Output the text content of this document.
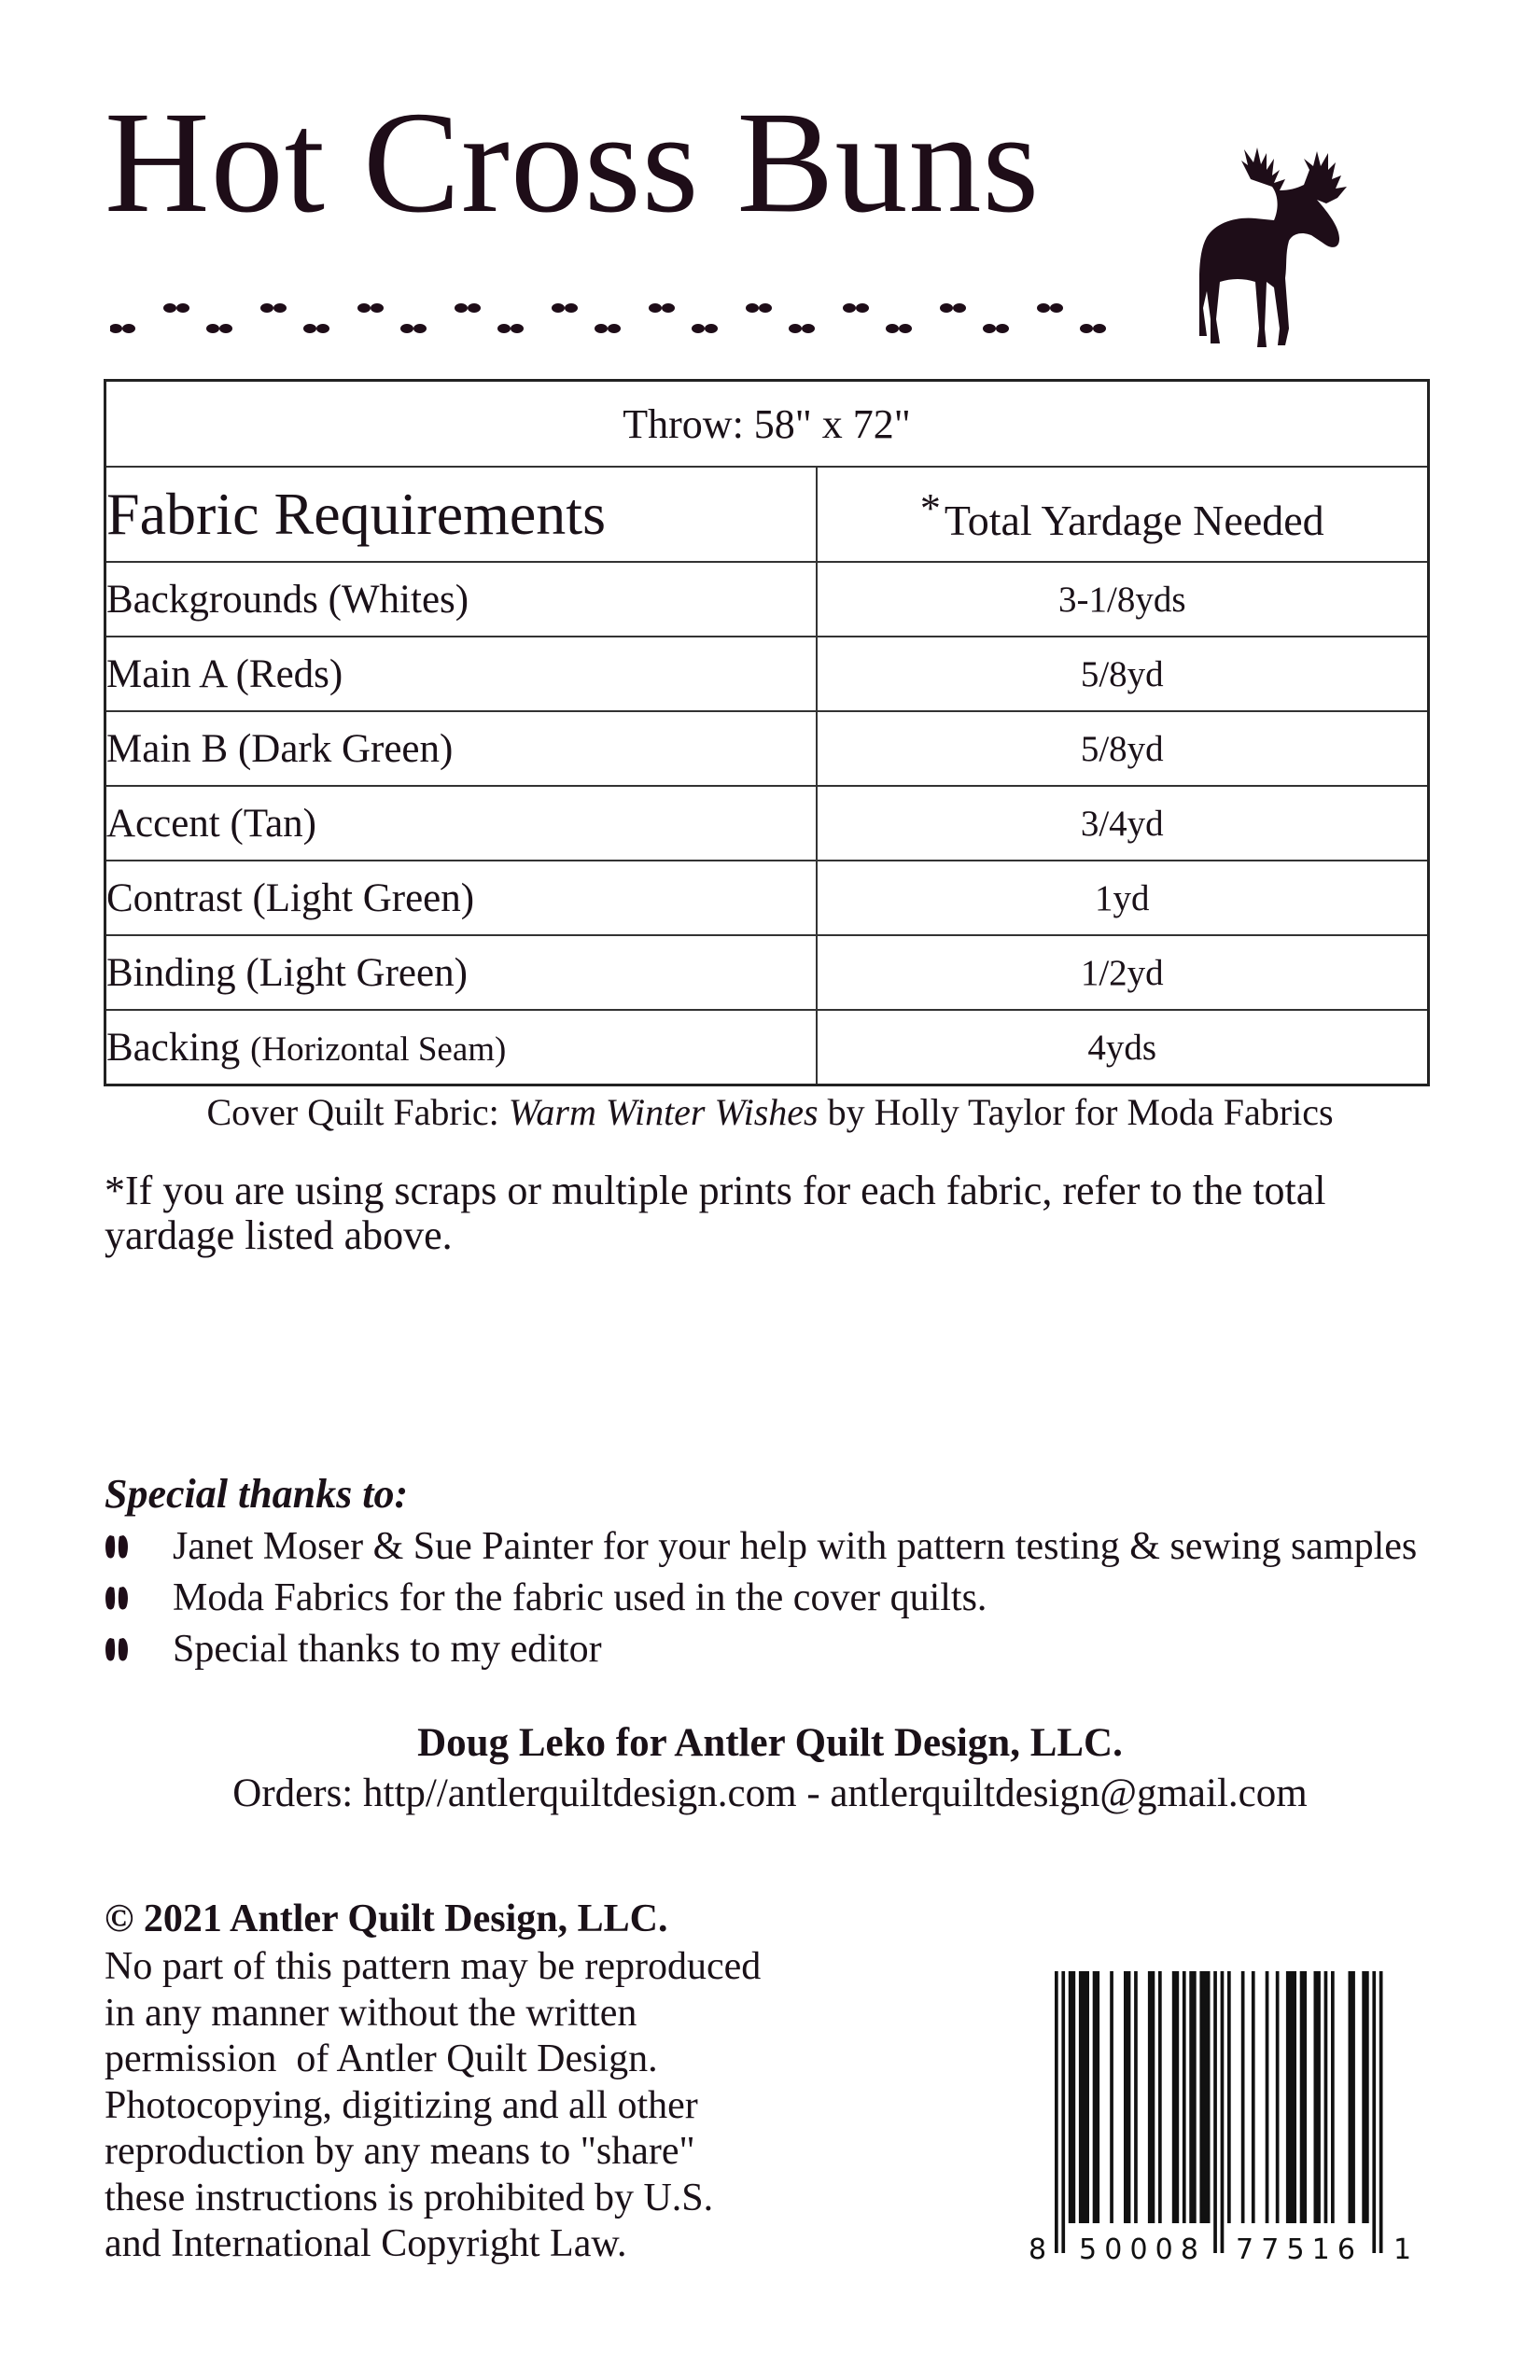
Hot Cross Buns
Throw: 58" x 72"	
Fabric Requirements	*Total Yardage Needed
Backgrounds (Whites)	3-1/8yds
Main A (Reds)	5/8yd
Main B (Dark Green)	5/8yd
Accent (Tan)	3/4yd
Contrast (Light Green)	1yd
Binding (Light Green)	1/2yd
Backing (Horizontal Seam)	4yds
Cover Quilt Fabric: Warm Winter Wishes by Holly Taylor for Moda Fabrics
*If you are using scraps or multiple prints for each fabric, refer to the total yardage listed above.
Special thanks to:
Janet Moser & Sue Painter for your help with pattern testing & sewing samples
Moda Fabrics for the fabric used in the cover quilts.
Special thanks to my editor
Doug Leko for Antler Quilt Design, LLC.
Orders: http//antlerquiltdesign.com - antlerquiltdesign@gmail.com
© 2021 Antler Quilt Design, LLC.
No part of this pattern may be reproduced
in any manner without the written
permission  of Antler Quilt Design.
Photocopying, digitizing and all other
reproduction by any means to "share"
these instructions is prohibited by U.S.
and International Copyright Law.	8 50008 77516 1
